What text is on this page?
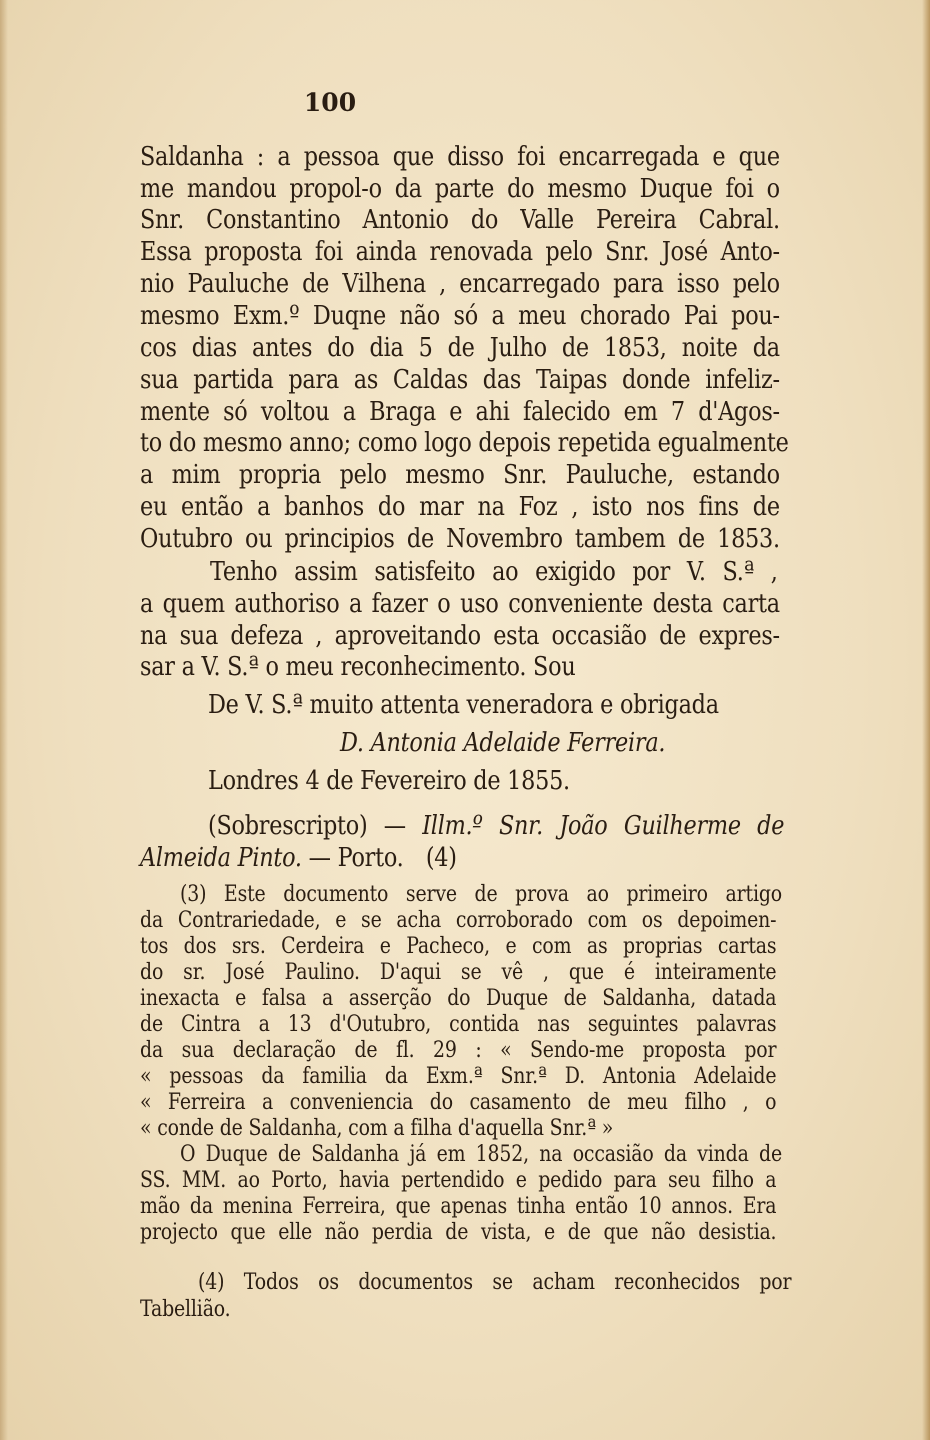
100
Saldanha : a pessoa que disso foi encarregada e que
me mandou propol-o da parte do mesmo Duque foi o
Snr. Constantino Antonio do Valle Pereira Cabral.
Essa proposta foi ainda renovada pelo Snr. José Anto-
nio Pauluche de Vilhena , encarregado para isso pelo
mesmo Exm.º Duqne não só a meu chorado Pai pou-
cos dias antes do dia 5 de Julho de 1853, noite da
sua partida para as Caldas das Taipas donde infeliz-
mente só voltou a Braga e ahi falecido em 7 d'Agos-
to do mesmo anno; como logo depois repetida egualmente
a mim propria pelo mesmo Snr. Pauluche, estando
eu então a banhos do mar na Foz , isto nos fins de
Outubro ou principios de Novembro tambem de 1853.
Tenho assim satisfeito ao exigido por V. S.ª ,
a quem authoriso a fazer o uso conveniente desta carta
na sua defeza , aproveitando esta occasião de expres-
sar a V. S.ª o meu reconhecimento. Sou
De V. S.ª muito attenta veneradora e obrigada
D. Antonia Adelaide Ferreira.
Londres 4 de Fevereiro de 1855.
(Sobrescripto) — Illm.º Snr. João Guilherme de
Almeida Pinto. — Porto. (4)
(3) Este documento serve de prova ao primeiro artigo
da Contrariedade, e se acha corroborado com os depoimen-
tos dos srs. Cerdeira e Pacheco, e com as proprias cartas
do sr. José Paulino. D'aqui se vê , que é inteiramente
inexacta e falsa a asserção do Duque de Saldanha, datada
de Cintra a 13 d'Outubro, contida nas seguintes palavras
da sua declaração de fl. 29 : « Sendo-me proposta por
« pessoas da familia da Exm.ª Snr.ª D. Antonia Adelaide
« Ferreira a conveniencia do casamento de meu filho , o
« conde de Saldanha, com a filha d'aquella Snr.ª »
O Duque de Saldanha já em 1852, na occasião da vinda de
SS. MM. ao Porto, havia pertendido e pedido para seu filho a
mão da menina Ferreira, que apenas tinha então 10 annos. Era
projecto que elle não perdia de vista, e de que não desistia.
(4) Todos os documentos se acham reconhecidos por
Tabellião.
